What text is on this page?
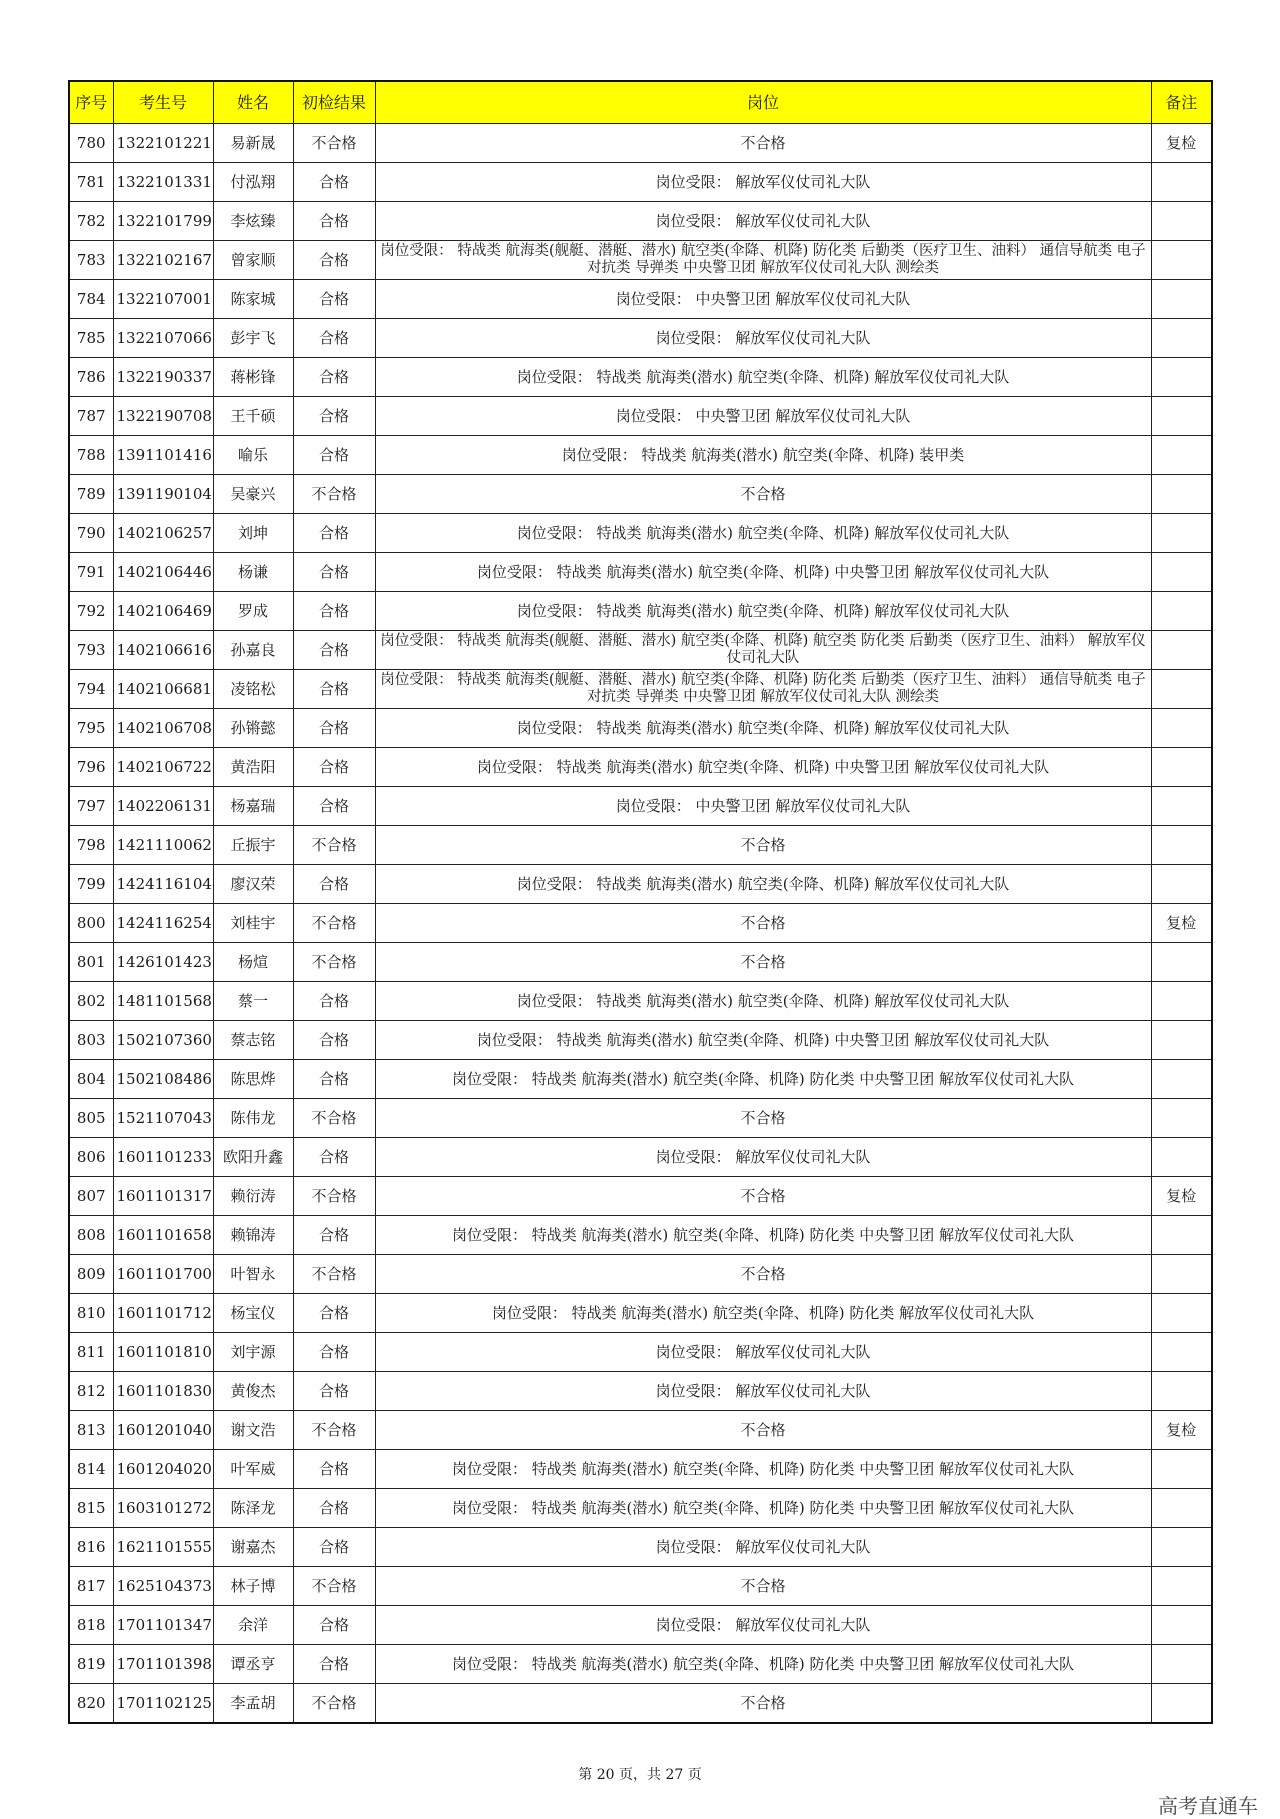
序号	考生号	姓名	初检结果	岗位	备注
780	1322101221	易新晟	不合格	不合格	复检
781	1322101331	付泓翔	合格	岗位受限： 解放军仪仗司礼大队	
782	1322101799	李炫臻	合格	岗位受限： 解放军仪仗司礼大队	
783	1322102167	曾家顺	合格	岗位受限： 特战类 航海类(舰艇、潜艇、潜水) 航空类(伞降、机降) 防化类 后勤类（医疗卫生、油料） 通信导航类 电子对抗类 导弹类 中央警卫团 解放军仪仗司礼大队 测绘类	
784	1322107001	陈家城	合格	岗位受限： 中央警卫团 解放军仪仗司礼大队	
785	1322107066	彭宇飞	合格	岗位受限： 解放军仪仗司礼大队	
786	1322190337	蒋彬锋	合格	岗位受限： 特战类 航海类(潜水) 航空类(伞降、机降) 解放军仪仗司礼大队	
787	1322190708	王千硕	合格	岗位受限： 中央警卫团 解放军仪仗司礼大队	
788	1391101416	喻乐	合格	岗位受限： 特战类 航海类(潜水) 航空类(伞降、机降) 装甲类	
789	1391190104	吴豪兴	不合格	不合格	
790	1402106257	刘坤	合格	岗位受限： 特战类 航海类(潜水) 航空类(伞降、机降) 解放军仪仗司礼大队	
791	1402106446	杨谦	合格	岗位受限： 特战类 航海类(潜水) 航空类(伞降、机降) 中央警卫团 解放军仪仗司礼大队	
792	1402106469	罗成	合格	岗位受限： 特战类 航海类(潜水) 航空类(伞降、机降) 解放军仪仗司礼大队	
793	1402106616	孙嘉良	合格	岗位受限： 特战类 航海类(舰艇、潜艇、潜水) 航空类(伞降、机降) 航空类 防化类 后勤类（医疗卫生、油料） 解放军仪仗司礼大队	
794	1402106681	凌铭松	合格	岗位受限： 特战类 航海类(舰艇、潜艇、潜水) 航空类(伞降、机降) 防化类 后勤类（医疗卫生、油料） 通信导航类 电子对抗类 导弹类 中央警卫团 解放军仪仗司礼大队 测绘类	
795	1402106708	孙锵懿	合格	岗位受限： 特战类 航海类(潜水) 航空类(伞降、机降) 解放军仪仗司礼大队	
796	1402106722	黄浩阳	合格	岗位受限： 特战类 航海类(潜水) 航空类(伞降、机降) 中央警卫团 解放军仪仗司礼大队	
797	1402206131	杨嘉瑞	合格	岗位受限： 中央警卫团 解放军仪仗司礼大队	
798	1421110062	丘振宇	不合格	不合格	
799	1424116104	廖汉荣	合格	岗位受限： 特战类 航海类(潜水) 航空类(伞降、机降) 解放军仪仗司礼大队	
800	1424116254	刘桂宇	不合格	不合格	复检
801	1426101423	杨煊	不合格	不合格	
802	1481101568	蔡一	合格	岗位受限： 特战类 航海类(潜水) 航空类(伞降、机降) 解放军仪仗司礼大队	
803	1502107360	蔡志铭	合格	岗位受限： 特战类 航海类(潜水) 航空类(伞降、机降) 中央警卫团 解放军仪仗司礼大队	
804	1502108486	陈思烨	合格	岗位受限： 特战类 航海类(潜水) 航空类(伞降、机降) 防化类 中央警卫团 解放军仪仗司礼大队	
805	1521107043	陈伟龙	不合格	不合格	
806	1601101233	欧阳升鑫	合格	岗位受限： 解放军仪仗司礼大队	
807	1601101317	赖衍涛	不合格	不合格	复检
808	1601101658	赖锦涛	合格	岗位受限： 特战类 航海类(潜水) 航空类(伞降、机降) 防化类 中央警卫团 解放军仪仗司礼大队	
809	1601101700	叶智永	不合格	不合格	
810	1601101712	杨宝仪	合格	岗位受限： 特战类 航海类(潜水) 航空类(伞降、机降) 防化类 解放军仪仗司礼大队	
811	1601101810	刘宇源	合格	岗位受限： 解放军仪仗司礼大队	
812	1601101830	黄俊杰	合格	岗位受限： 解放军仪仗司礼大队	
813	1601201040	谢文浩	不合格	不合格	复检
814	1601204020	叶军威	合格	岗位受限： 特战类 航海类(潜水) 航空类(伞降、机降) 防化类 中央警卫团 解放军仪仗司礼大队	
815	1603101272	陈泽龙	合格	岗位受限： 特战类 航海类(潜水) 航空类(伞降、机降) 防化类 中央警卫团 解放军仪仗司礼大队	
816	1621101555	谢嘉杰	合格	岗位受限： 解放军仪仗司礼大队	
817	1625104373	林子博	不合格	不合格	
818	1701101347	余洋	合格	岗位受限： 解放军仪仗司礼大队	
819	1701101398	谭丞亨	合格	岗位受限： 特战类 航海类(潜水) 航空类(伞降、机降) 防化类 中央警卫团 解放军仪仗司礼大队	
820	1701102125	李孟胡	不合格	不合格	
第 20 页，共 27 页
高考直通车
